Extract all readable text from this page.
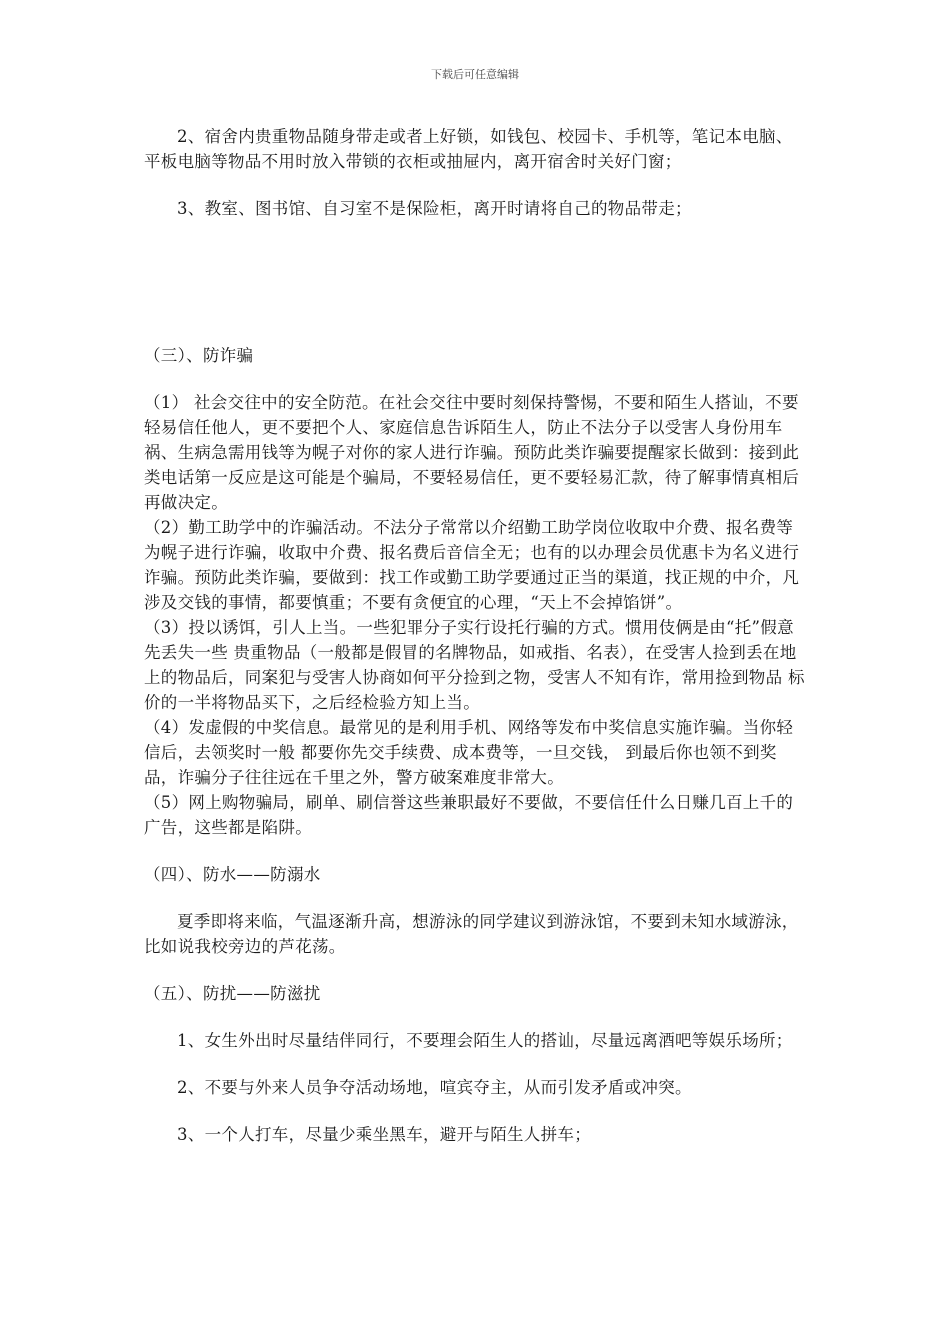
下载后可任意编辑

2、宿舍内贵重物品随身带走或者上好锁，如钱包、校园卡、手机等，笔记本电脑、平板电脑等物品不用时放入带锁的衣柜或抽屉内，离开宿舍时关好门窗；

3、教室、图书馆、自习室不是保险柜，离开时请将自己的物品带走；

（三）、防诈骗

（1） 社会交往中的安全防范。在社会交往中要时刻保持警惕，不要和陌生人搭讪，不要轻易信任他人，更不要把个人、家庭信息告诉陌生人，防止不法分子以受害人身份用车祸、生病急需用钱等为幌子对你的家人进行诈骗。预防此类诈骗要提醒家长做到：接到此类电话第一反应是这可能是个骗局，不要轻易信任，更不要轻易汇款，待了解事情真相后再做决定。

（2）勤工助学中的诈骗活动。不法分子常常以介绍勤工助学岗位收取中介费、报名费等为幌子进行诈骗，收取中介费、报名费后音信全无；也有的以办理会员优惠卡为名义进行诈骗。预防此类诈骗，要做到：找工作或勤工助学要通过正当的渠道，找正规的中介，凡涉及交钱的事情，都要慎重；不要有贪便宜的心理，“天上不会掉馅饼”。

（3）投以诱饵，引人上当。一些犯罪分子实行设托行骗的方式。惯用伎俩是由“托”假意先丢失一些 贵重物品（一般都是假冒的名牌物品，如戒指、名表），在受害人捡到丢在地上的物品后，同案犯与受害人协商如何平分捡到之物，受害人不知有诈，常用捡到物品 标价的一半将物品买下，之后经检验方知上当。

（4）发虚假的中奖信息。最常见的是利用手机、网络等发布中奖信息实施诈骗。当你轻信后，去领奖时一般 都要你先交手续费、成本费等，一旦交钱， 到最后你也领不到奖品，诈骗分子往往远在千里之外，警方破案难度非常大。

（5）网上购物骗局，刷单、刷信誉这些兼职最好不要做，不要信任什么日赚几百上千的广告，这些都是陷阱。

（四）、防水——防溺水

夏季即将来临，气温逐渐升高，想游泳的同学建议到游泳馆，不要到未知水域游泳，比如说我校旁边的芦花荡。

（五）、防扰——防滋扰

1、女生外出时尽量结伴同行，不要理会陌生人的搭讪，尽量远离酒吧等娱乐场所；

2、不要与外来人员争夺活动场地，喧宾夺主，从而引发矛盾或冲突。

3、一个人打车，尽量少乘坐黑车，避开与陌生人拼车；
